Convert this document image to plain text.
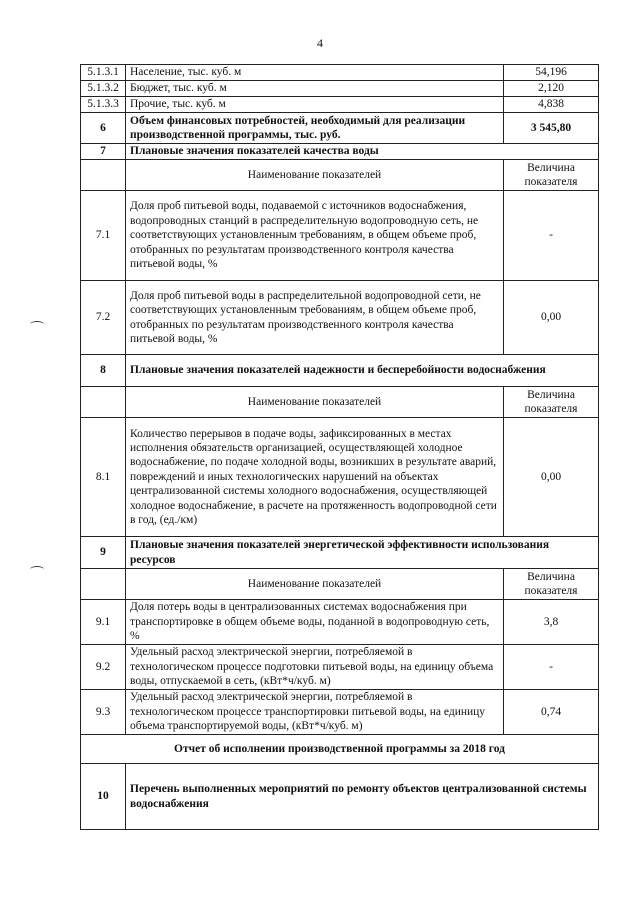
4
5.1.3.1	Население, тыс. куб. м	54,196
5.1.3.2	Бюджет, тыс. куб. м	2,120
5.1.3.3	Прочие, тыс. куб. м	4,838
6	Объем финансовых потребностей, необходимый для реализации производственной программы, тыс. руб.	3 545,80
7	Плановые значения показателей качества воды	
	Наименование показателей	Величина показателя
7.1	Доля проб питьевой воды, подаваемой с источников водоснабжения, водопроводных станций в распределительную водопроводную сеть, не соответствующих установленным требованиям, в общем объеме проб, отобранных по результатам производственного контроля качества питьевой воды, %	-
7.2	Доля проб питьевой воды в распределительной водопроводной сети, не соответствующих установленным требованиям, в общем объеме проб, отобранных по результатам производственного контроля качества питьевой воды, %	0,00
8	Плановые значения показателей надежности и бесперебойности водоснабжения	
	Наименование показателей	Величина показателя
8.1	Количество перерывов в подаче воды, зафиксированных в местах исполнения обязательств организацией, осуществляющей холодное водоснабжение, по подаче холодной воды, возникших в результате аварий, повреждений и иных технологических нарушений на объектах централизованной системы холодного водоснабжения, осуществляющей холодное водоснабжение, в расчете на протяженность водопроводной сети в год, (ед./км)	0,00
9	Плановые значения показателей энергетической эффективности использования ресурсов	
	Наименование показателей	Величина показателя
9.1	Доля потерь воды в централизованных системах водоснабжения при транспортировке в общем объеме воды, поданной в водопроводную сеть, %	3,8
9.2	Удельный расход электрической энергии, потребляемой в технологическом процессе подготовки питьевой воды, на единицу объема воды, отпускаемой в сеть, (кВт*ч/куб. м)	-
9.3	Удельный расход электрической энергии, потребляемой в технологическом процессе транспортировки питьевой воды, на единицу объема транспортируемой воды, (кВт*ч/куб. м)	0,74
Отчет об исполнении производственной программы за 2018 год		
10	Перечень выполненных мероприятий по ремонту объектов централизованной системы водоснабжения	
